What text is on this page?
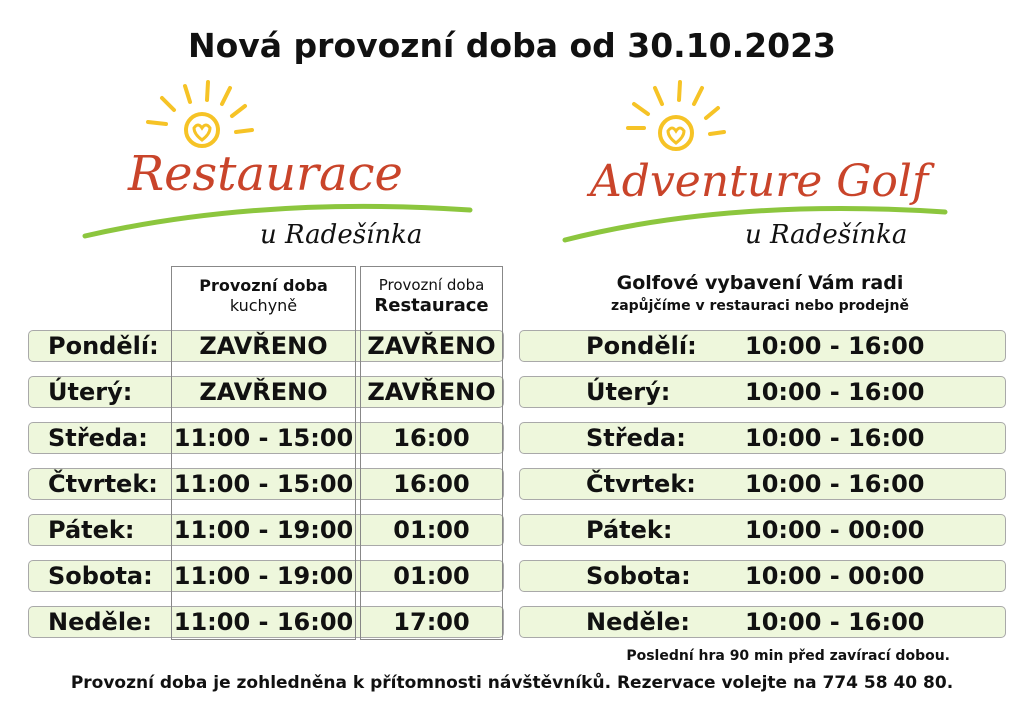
Nová provozní doba od 30.10.2023
Restaurace
u Radešínka
Adventure Golf
u Radešínka
Pondělí:	ZAVŘENO	ZAVŘENO
Úterý:	ZAVŘENO	ZAVŘENO
Středa: 11:00 - 15:00	16:00
Čtvrtek: 11:00 - 15:00	16:00
Pátek: 11:00 - 19:00	01:00
Sobota: 11:00 - 19:00	01:00
Neděle: 11:00 - 16:00	17:00
Provozní doba
kuchyně
Provozní doba
Restaurace
Golfové vybavení Vám radi
zapůjčíme v restauraci nebo prodejně
Pondělí: 10:00 - 16:00
Úterý:	10:00 - 16:00
Středa: 10:00 - 16:00
Čtvrtek: 10:00 - 16:00
Pátek:	10:00 - 00:00
Sobota: 10:00 - 00:00
Neděle: 10:00 - 16:00
Poslední hra 90 min před zavírací dobou.
Provozní doba je zohledněna k přítomnosti návštěvníků. Rezervace volejte na 774 58 40 80.
